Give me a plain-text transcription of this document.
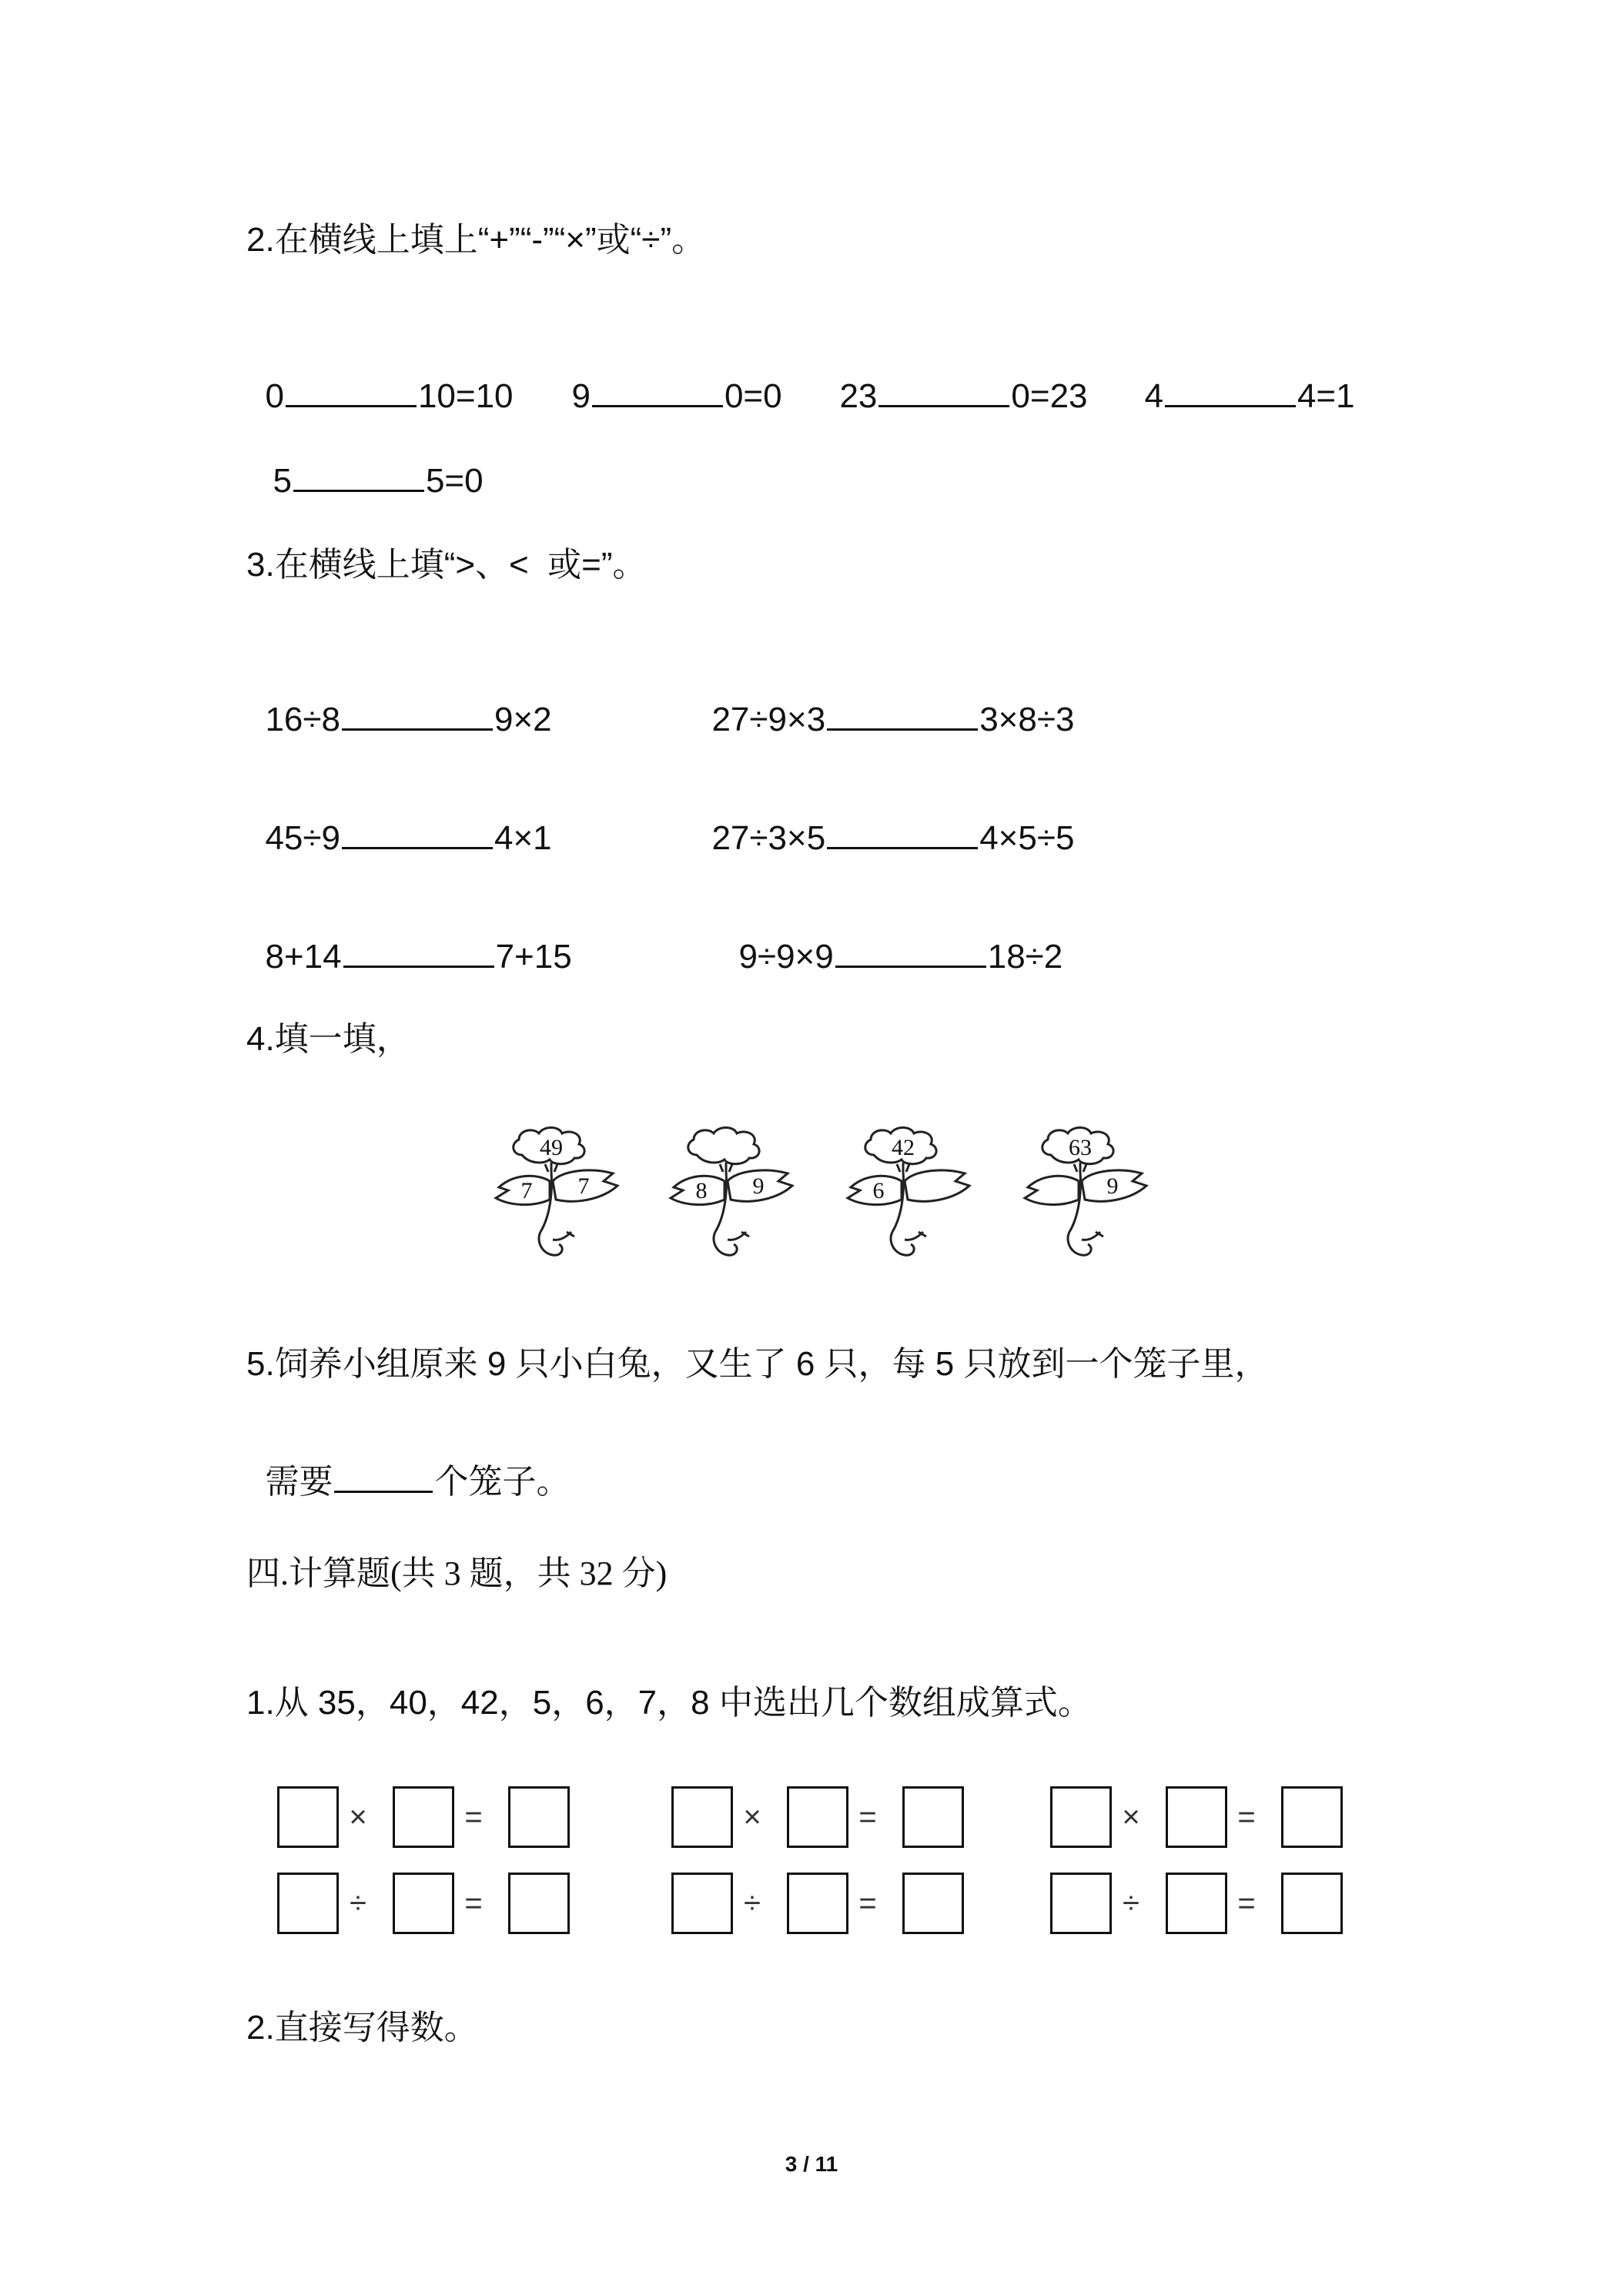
2.在横线上填上“+”“-”“×”或“÷”。

0	10=10	9	0=0	23	0=23	4	4=1

5	5=0

3.在横线上填“>、<  或=”。

16÷8	9×2	27÷9×3	3×8÷3

45÷9	4×1	27÷3×5	4×5÷5

8+14	7+15	9÷9×9	18÷2

4.填一填，
49
7 7	8 9
42
6
63
9
5.饲养小组原来 9 只小白兔，又生了 6 只，每 5 只放到一个笼子里，

需要	个笼子。

四.计算题(共 3 题，共 32 分)
1.从 35，40，42，5，6，7，8 中选出几个数组成算式。
×	=	×	=	×	=
÷	=	÷	=	÷	=
2.直接写得数。
3 / 11
